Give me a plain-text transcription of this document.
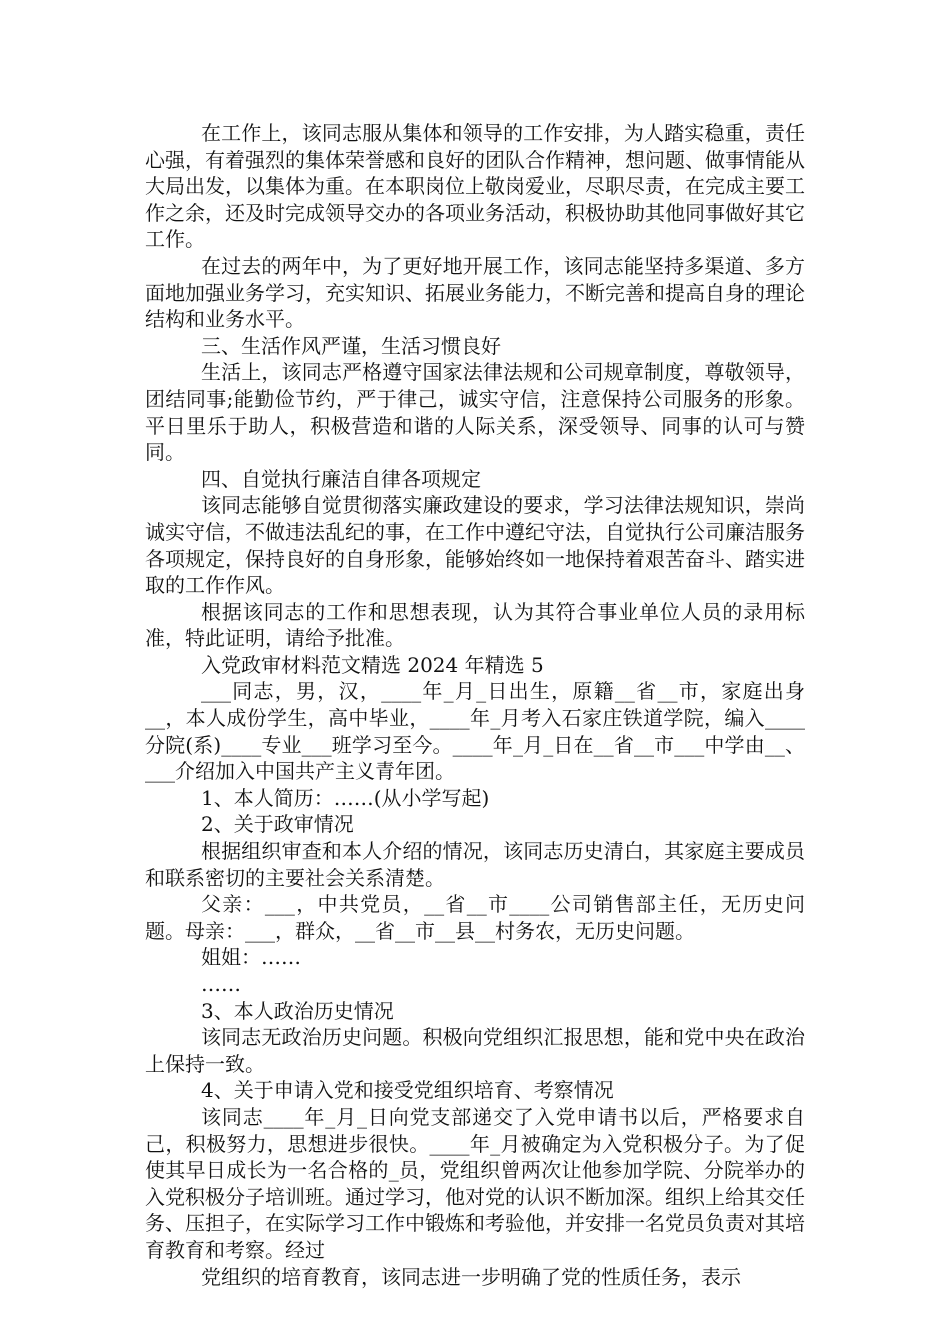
在工作上，该同志服从集体和领导的工作安排，为人踏实稳重，责任心强，有着强烈的集体荣誉感和良好的团队合作精神，想问题、做事情能从大局出发，以集体为重。在本职岗位上敬岗爱业，尽职尽责，在完成主要工作之余，还及时完成领导交办的各项业务活动，积极协助其他同事做好其它工作。

在过去的两年中，为了更好地开展工作，该同志能坚持多渠道、多方面地加强业务学习，充实知识、拓展业务能力，不断完善和提高自身的理论结构和业务水平。

三、生活作风严谨，生活习惯良好

生活上，该同志严格遵守国家法律法规和公司规章制度，尊敬领导，团结同事;能勤俭节约，严于律己，诚实守信，注意保持公司服务的形象。平日里乐于助人，积极营造和谐的人际关系，深受领导、同事的认可与赞同。

四、自觉执行廉洁自律各项规定

该同志能够自觉贯彻落实廉政建设的要求，学习法律法规知识，崇尚诚实守信，不做违法乱纪的事，在工作中遵纪守法，自觉执行公司廉洁服务各项规定，保持良好的自身形象，能够始终如一地保持着艰苦奋斗、踏实进取的工作作风。

根据该同志的工作和思想表现，认为其符合事业单位人员的录用标准，特此证明，请给予批准。

入党政审材料范文精选 2024 年精选 5

___同志，男，汉，____年_月_日出生，原籍__省__市，家庭出身__，本人成份学生，高中毕业，____年_月考入石家庄铁道学院，编入____分院(系)____专业___班学习至今。____年_月_日在__省__市___中学由__、___介绍加入中国共产主义青年团。

1、本人简历：……(从小学写起)

2、关于政审情况

根据组织审查和本人介绍的情况，该同志历史清白，其家庭主要成员和联系密切的主要社会关系清楚。

父亲：___，中共党员，__省__市____公司销售部主任，无历史问题。母亲：___，群众，__省__市__县__村务农，无历史问题。

姐姐：……

……

3、本人政治历史情况

该同志无政治历史问题。积极向党组织汇报思想，能和党中央在政治上保持一致。

4、关于申请入党和接受党组织培育、考察情况

该同志____年_月_日向党支部递交了入党申请书以后，严格要求自己，积极努力，思想进步很快。____年_月被确定为入党积极分子。为了促使其早日成长为一名合格的_员，党组织曾两次让他参加学院、分院举办的入党积极分子培训班。通过学习，他对党的认识不断加深。组织上给其交任务、压担子，在实际学习工作中锻炼和考验他，并安排一名党员负责对其培育教育和考察。经过

党组织的培育教育，该同志进一步明确了党的性质任务，表示
